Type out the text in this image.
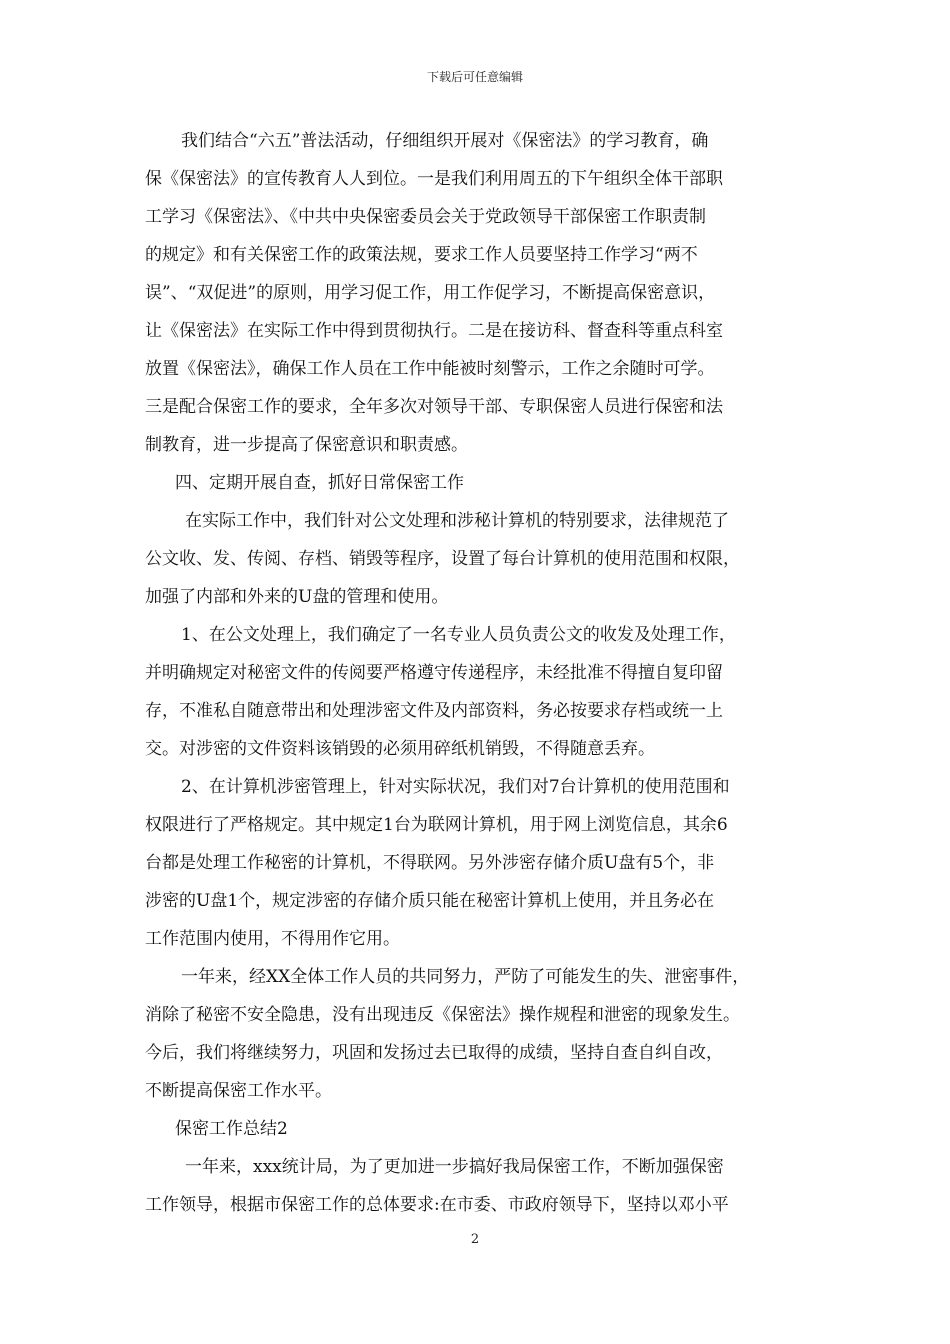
下载后可任意编辑
我们结合“六五”普法活动，仔细组织开展对《保密法》的学习教育，确
保《保密法》的宣传教育人人到位。一是我们利用周五的下午组织全体干部职
工学习《保密法》、《中共中央保密委员会关于党政领导干部保密工作职责制
的规定》和有关保密工作的政策法规，要求工作人员要坚持工作学习“两不
误”、“双促进”的原则，用学习促工作，用工作促学习，不断提高保密意识，
让《保密法》在实际工作中得到贯彻执行。二是在接访科、督查科等重点科室
放置《保密法》，确保工作人员在工作中能被时刻警示，工作之余随时可学。
三是配合保密工作的要求，全年多次对领导干部、专职保密人员进行保密和法
制教育，进一步提高了保密意识和职责感。
四、定期开展自查，抓好日常保密工作
在实际工作中，我们针对公文处理和涉秘计算机的特别要求，法律规范了
公文收、发、传阅、存档、销毁等程序，设置了每台计算机的使用范围和权限，
加强了内部和外来的U盘的管理和使用。
1、在公文处理上，我们确定了一名专业人员负责公文的收发及处理工作，
并明确规定对秘密文件的传阅要严格遵守传递程序，未经批准不得擅自复印留
存，不准私自随意带出和处理涉密文件及内部资料，务必按要求存档或统一上
交。对涉密的文件资料该销毁的必须用碎纸机销毁，不得随意丢弃。
2、在计算机涉密管理上，针对实际状况，我们对7台计算机的使用范围和
权限进行了严格规定。其中规定1台为联网计算机，用于网上浏览信息，其余6
台都是处理工作秘密的计算机，不得联网。另外涉密存储介质U盘有5个，非
涉密的U盘1个，规定涉密的存储介质只能在秘密计算机上使用，并且务必在
工作范围内使用，不得用作它用。
一年来，经XX全体工作人员的共同努力，严防了可能发生的失、泄密事件，
消除了秘密不安全隐患，没有出现违反《保密法》操作规程和泄密的现象发生。
今后，我们将继续努力，巩固和发扬过去已取得的成绩，坚持自查自纠自改，
不断提高保密工作水平。
保密工作总结2
一年来，xxx统计局，为了更加进一步搞好我局保密工作，不断加强保密
工作领导，根据市保密工作的总体要求:在市委、市政府领导下，坚持以邓小平
2
